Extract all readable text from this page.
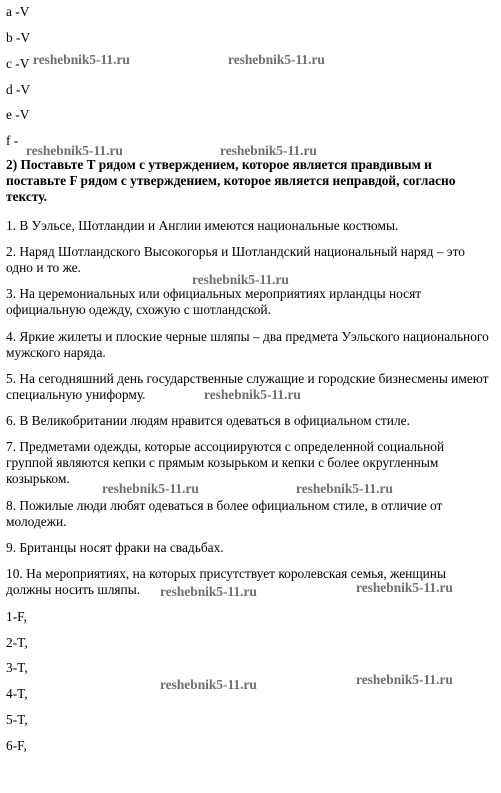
a -V
b -V
c -V
d -V
e -V
f -
2) Поставьте T рядом с утверждением, которое является правдивым и поставьте F рядом с утверждением, которое является неправдой, согласно тексту.
1. В Уэльсе, Шотландии и Англии имеются национальные костюмы.
2. Наряд Шотландского Высокогорья и Шотландский национальный наряд – это одно и то же.
3. На церемониальных или официальных мероприятиях ирландцы носят официальную одежду, схожую с шотландской.
4. Яркие жилеты и плоские черные шляпы – два предмета Уэльского национального мужского наряда.
5. На сегодняшний день государственные служащие и городские бизнесмены имеют специальную униформу.
6. В Великобритании людям нравится одеваться в официальном стиле.
7. Предметами одежды, которые ассоциируются с определенной социальной группой являются кепки с прямым козырьком и кепки с более округленным козырьком.
8. Пожилые люди любят одеваться в более официальном стиле, в отличие от молодежи.
9. Британцы носят фраки на свадьбах.
10. На мероприятиях, на которых присутствует королевская семья, женщины должны носить шляпы.
1-F,
2-T,
3-T,
4-T,
5-T,
6-F,
reshebnik5-11.ru	reshebnik5-11.ru
reshebnik5-11.ru	reshebnik5-11.ru
reshebnik5-11.ru
reshebnik5-11.ru
reshebnik5-11.ru	reshebnik5-11.ru
reshebnik5-11.ru	reshebnik5-11.ru
reshebnik5-11.ru	reshebnik5-11.ru
